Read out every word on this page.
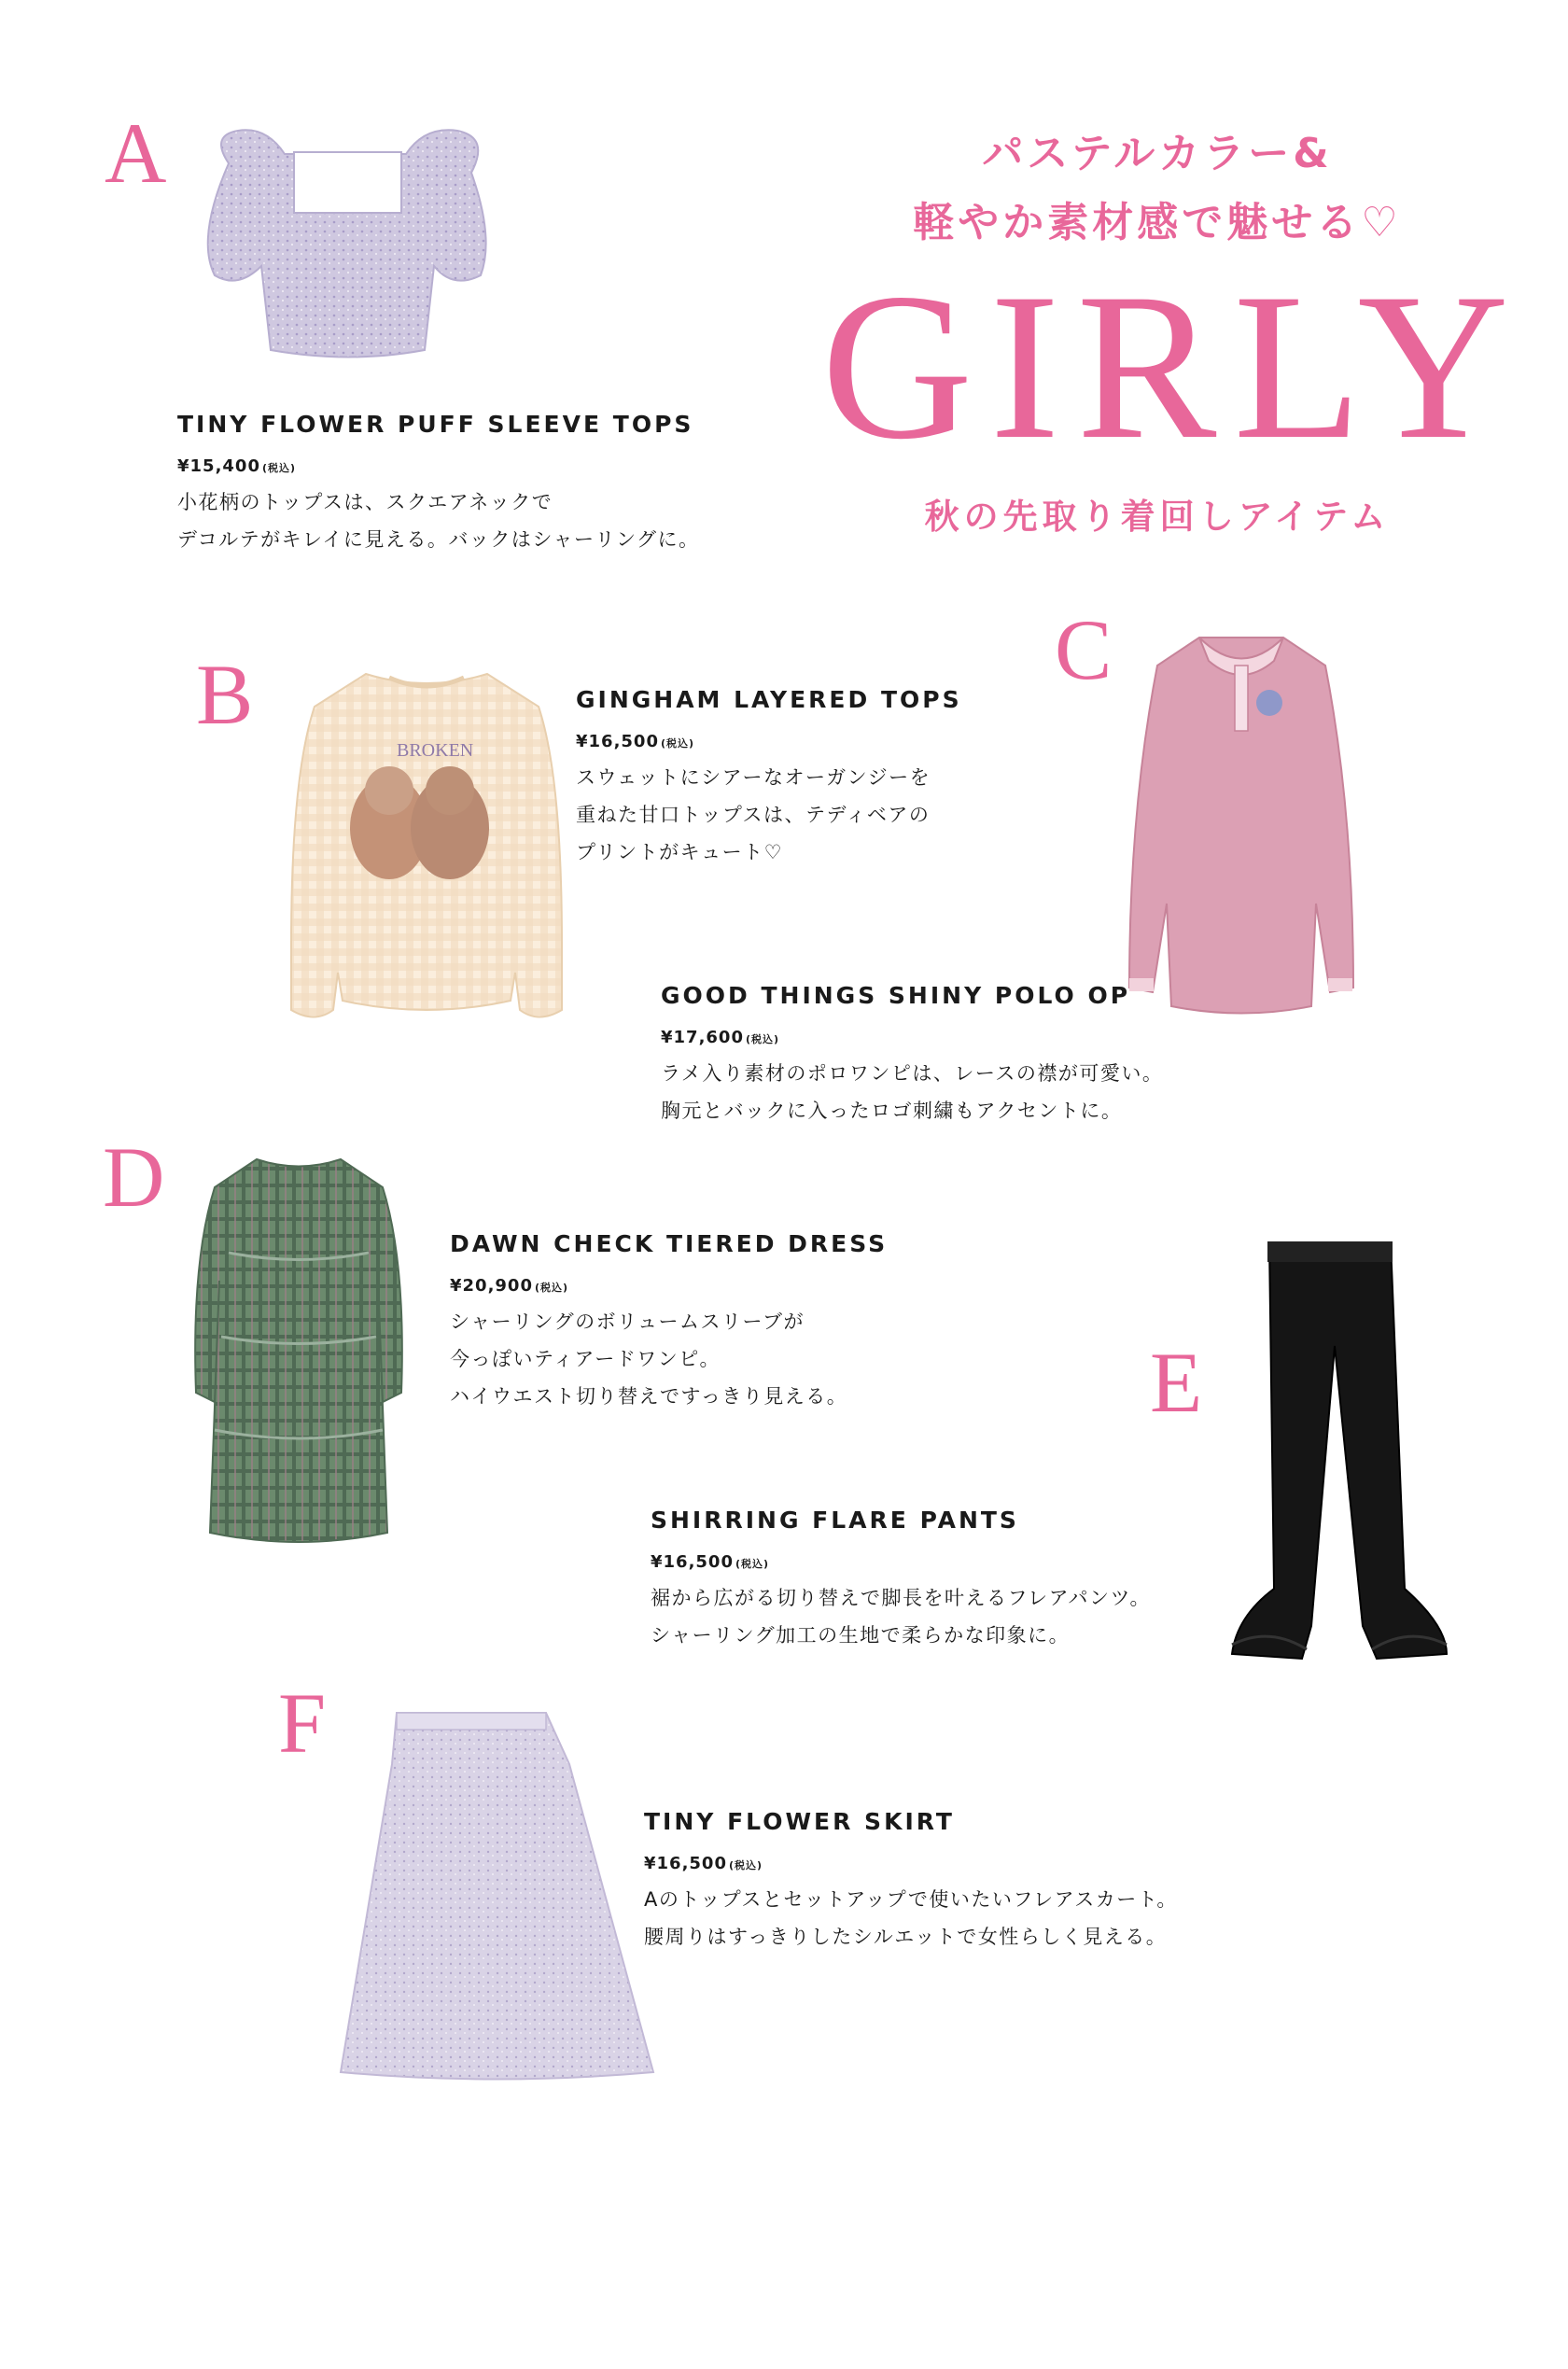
パステルカラー&
軽やか素材感で魅せる♡
GIRLY
秋の先取り着回しアイテム
A
TINY FLOWER PUFF SLEEVE TOPS
¥15,400 (税込)
小花柄のトップスは、スクエアネックで
デコルテがキレイに見える。バックはシャーリングに。
B
BROKEN
GINGHAM LAYERED TOPS
¥16,500 (税込)
スウェットにシアーなオーガンジーを
重ねた甘口トップスは、テディベアの
プリントがキュート♡
C
GOOD THINGS SHINY POLO OP
¥17,600 (税込)
ラメ入り素材のポロワンピは、レースの襟が可愛い。
胸元とバックに入ったロゴ刺繍もアクセントに。
D
DAWN CHECK TIERED DRESS
¥20,900 (税込)
シャーリングのボリュームスリーブが
今っぽいティアードワンピ。
ハイウエスト切り替えですっきり見える。	E
SHIRRING FLARE PANTS
¥16,500 (税込)
裾から広がる切り替えで脚長を叶えるフレアパンツ。
シャーリング加工の生地で柔らかな印象に。
F
TINY FLOWER SKIRT
¥16,500 (税込)
Aのトップスとセットアップで使いたいフレアスカート。
腰周りはすっきりしたシルエットで女性らしく見える。
